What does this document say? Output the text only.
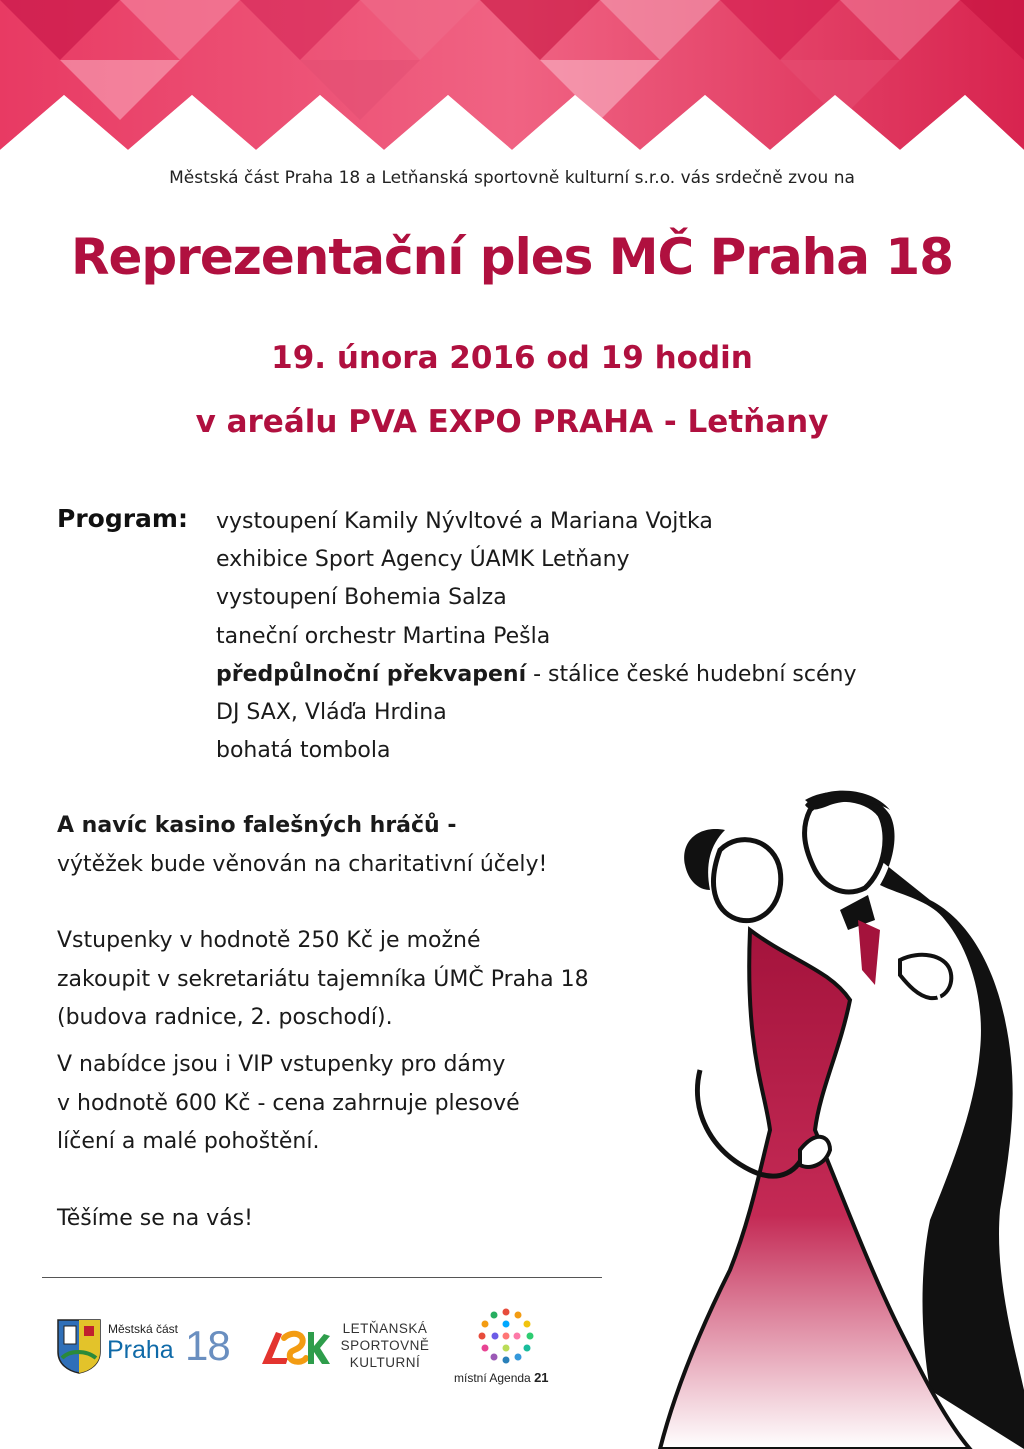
Městská část Praha 18 a Letňanská sportovně kulturní s.r.o. vás srdečně zvou na
Reprezentační ples MČ Praha 18
19. února 2016 od 19 hodin
v areálu PVA EXPO PRAHA - Letňany
Program: vystoupení Kamily Nývltové a Mariana Vojtka
exhibice Sport Agency ÚAMK Letňany
vystoupení Bohemia Salza
taneční orchestr Martina Pešla
předpůlnoční překvapení - stálice české hudební scény
DJ SAX, Vláďa Hrdina
bohatá tombola
A navíc kasino falešných hráčů -
výtěžek bude věnován na charitativní účely!
Vstupenky v hodnotě 250 Kč je možné
zakoupit v sekretariátu tajemníka ÚMČ Praha 18
(budova radnice, 2. poschodí).
V nabídce jsou i VIP vstupenky pro dámy
v hodnotě 600 Kč - cena zahrnuje plesové
líčení a malé pohoštění.
Těšíme se na vás!
Městská část
Praha 18	LETŇANSKÁ
SPORTOVNĚ
KULTURNÍ
místní Agenda 21
